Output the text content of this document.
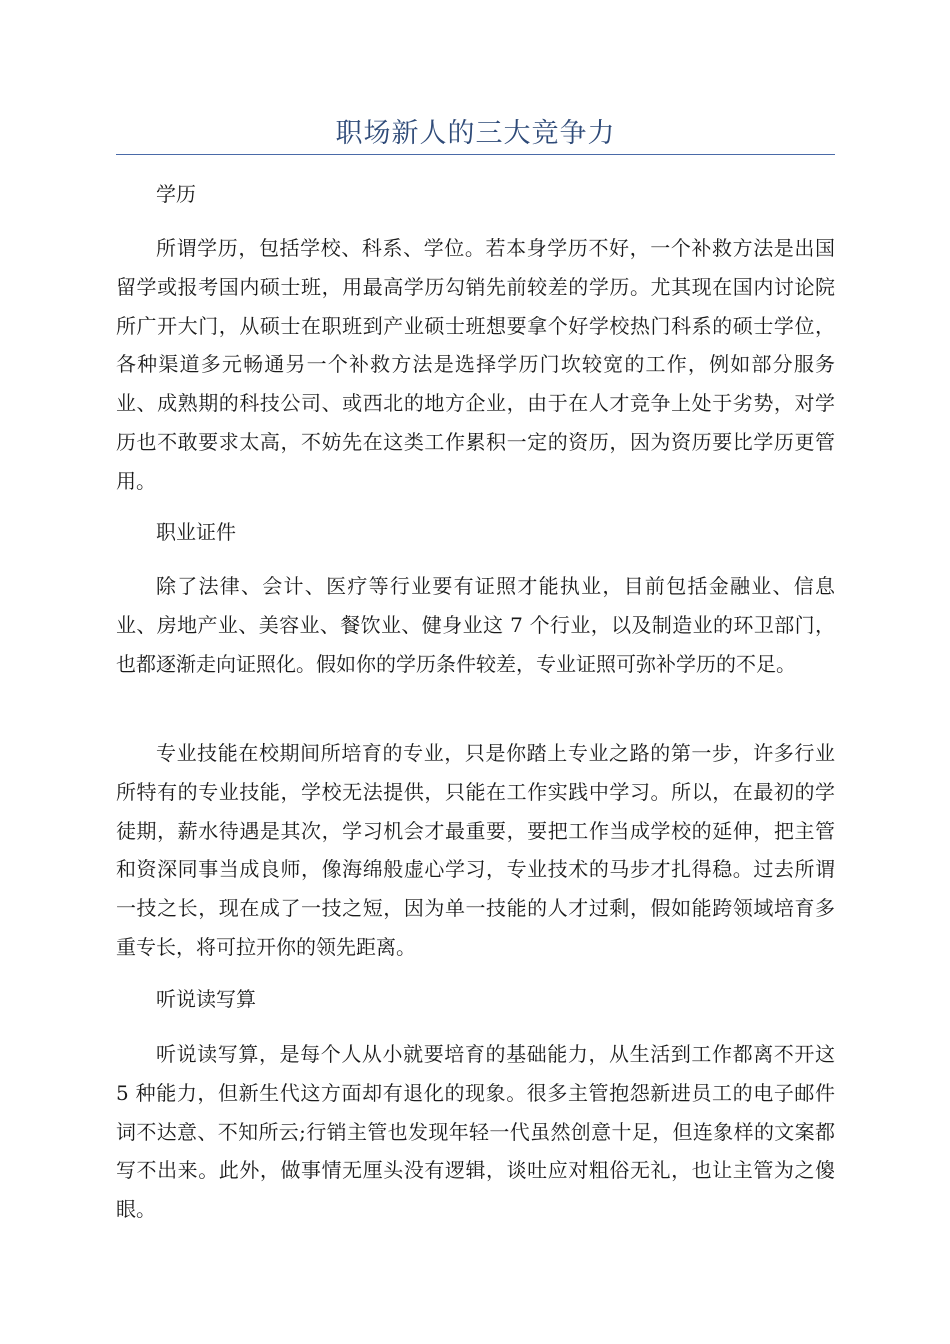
职场新人的三大竞争力

学历

所谓学历，包括学校、科系、学位。若本身学历不好，一个补救方法是出国留学或报考国内硕士班，用最高学历勾销先前较差的学历。尤其现在国内讨论院所广开大门，从硕士在职班到产业硕士班想要拿个好学校热门科系的硕士学位，各种渠道多元畅通另一个补救方法是选择学历门坎较宽的工作，例如部分服务业、成熟期的科技公司、或西北的地方企业，由于在人才竞争上处于劣势，对学历也不敢要求太高，不妨先在这类工作累积一定的资历，因为资历要比学历更管用。

职业证件

除了法律、会计、医疗等行业要有证照才能执业，目前包括金融业、信息业、房地产业、美容业、餐饮业、健身业这 7 个行业，以及制造业的环卫部门，也都逐渐走向证照化。假如你的学历条件较差，专业证照可弥补学历的不足。

专业技能在校期间所培育的专业，只是你踏上专业之路的第一步，许多行业所特有的专业技能，学校无法提供，只能在工作实践中学习。所以，在最初的学徒期，薪水待遇是其次，学习机会才最重要，要把工作当成学校的延伸，把主管和资深同事当成良师，像海绵般虚心学习，专业技术的马步才扎得稳。过去所谓一技之长，现在成了一技之短，因为单一技能的人才过剩，假如能跨领域培育多重专长，将可拉开你的领先距离。

听说读写算

听说读写算，是每个人从小就要培育的基础能力，从生活到工作都离不开这 5 种能力，但新生代这方面却有退化的现象。很多主管抱怨新进员工的电子邮件词不达意、不知所云;行销主管也发现年轻一代虽然创意十足，但连象样的文案都写不出来。此外，做事情无厘头没有逻辑，谈吐应对粗俗无礼，也让主管为之傻眼。
